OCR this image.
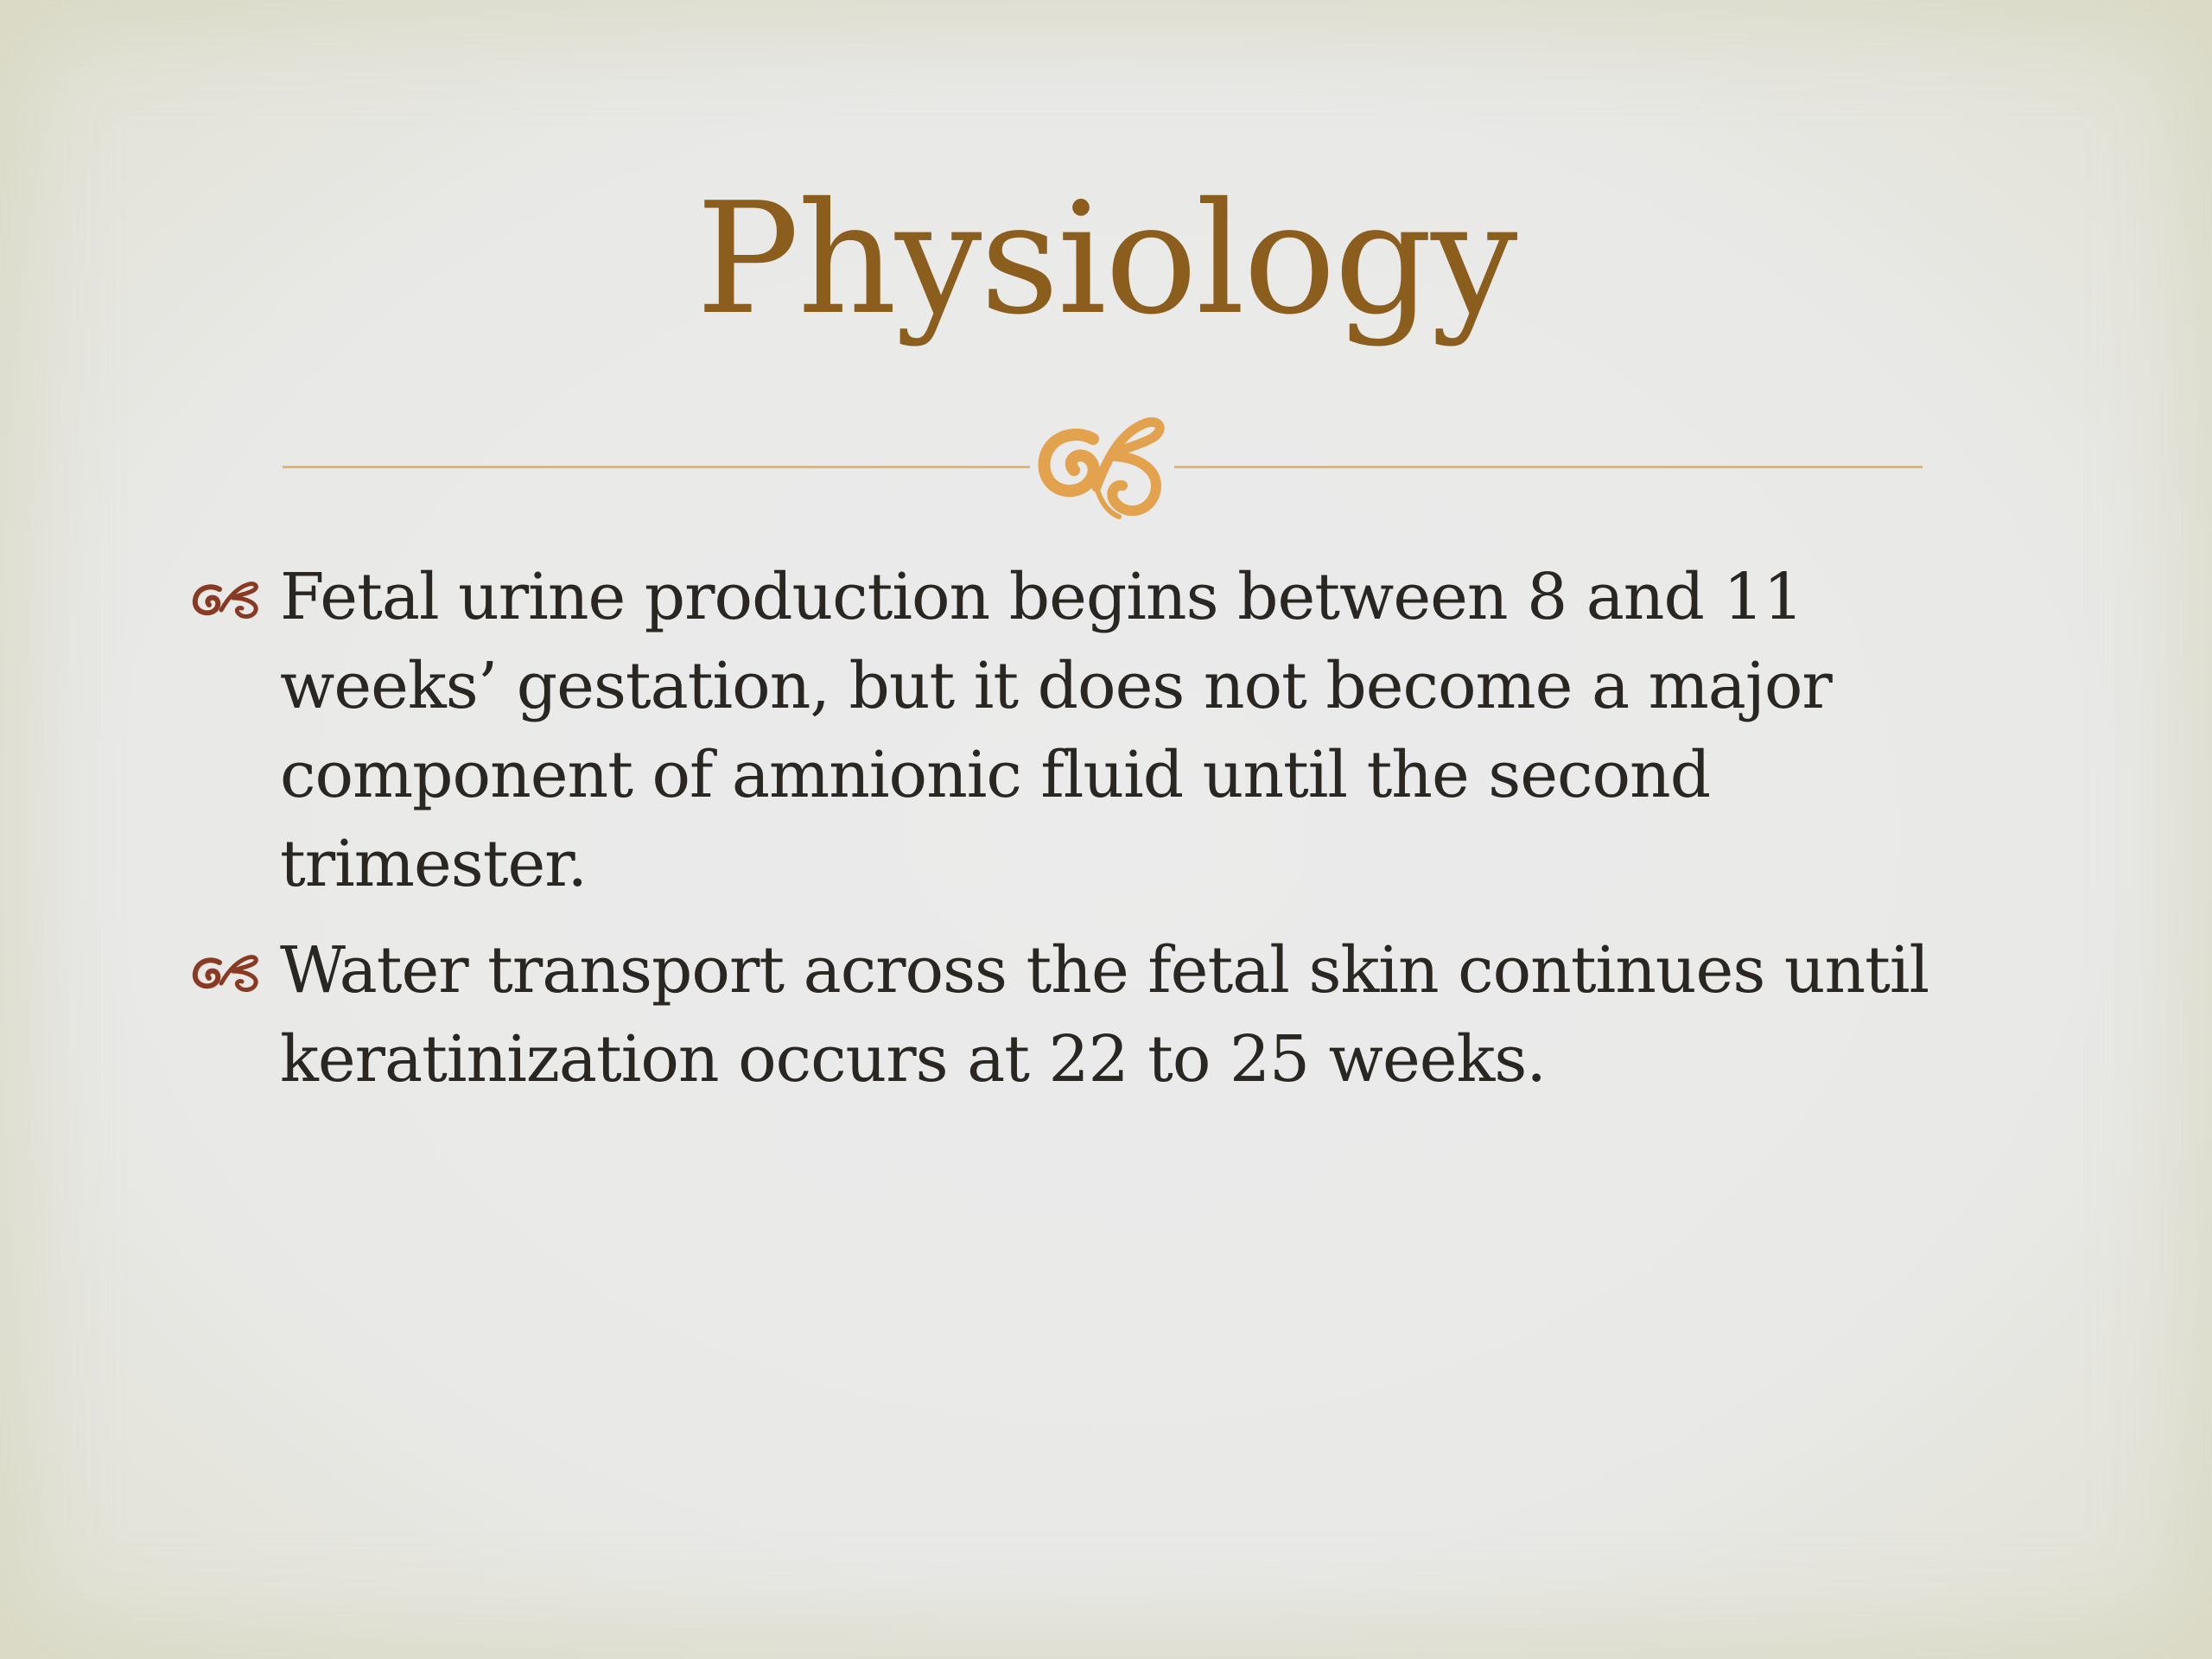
Physiology
Fetal urine production begins between 8 and 11 weeks’ gestation, but it does not become a major component of amnionic fluid until the second trimester.
Water transport across the fetal skin continues until keratinization occurs at 22 to 25 weeks.
